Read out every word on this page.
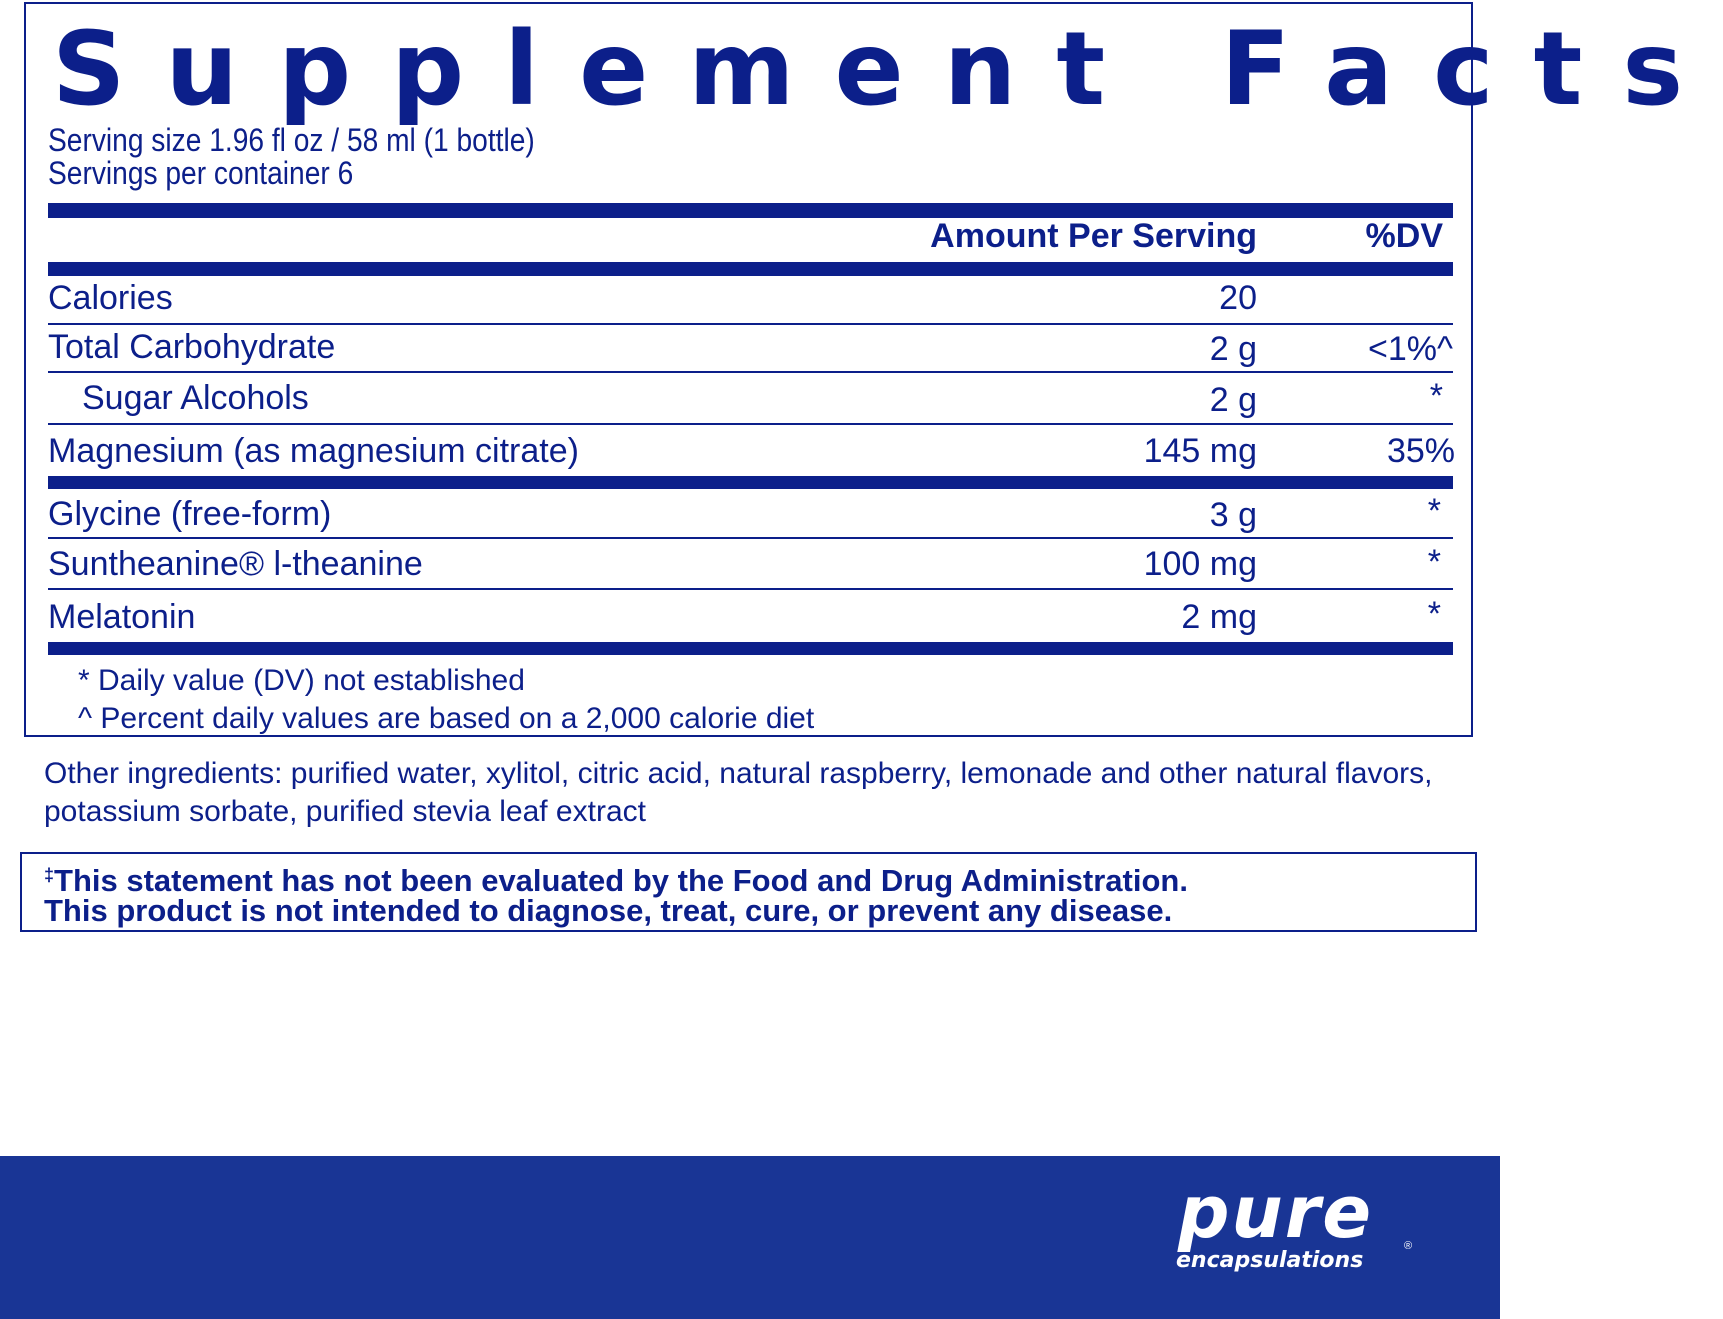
Supplement Facts
Serving size 1.96 fl oz / 58 ml (1 bottle)
Servings per container 6
Amount Per Serving	%DV
Calories	20
Total Carbohydrate	2 g	<1%^
Sugar Alcohols	2 g	*
Magnesium (as magnesium citrate)	145 mg	35%
Glycine (free-form)	3 g	*
Suntheanine® l-theanine	100 mg	*
Melatonin	2 mg	*
* Daily value (DV) not established
^ Percent daily values are based on a 2,000 calorie diet
Other ingredients: purified water, xylitol, citric acid, natural raspberry, lemonade and other natural flavors, potassium sorbate, purified stevia leaf extract
‡This statement has not been evaluated by the Food and Drug Administration.
This product is not intended to diagnose, treat, cure, or prevent any disease.
pure
encapsulations
®
